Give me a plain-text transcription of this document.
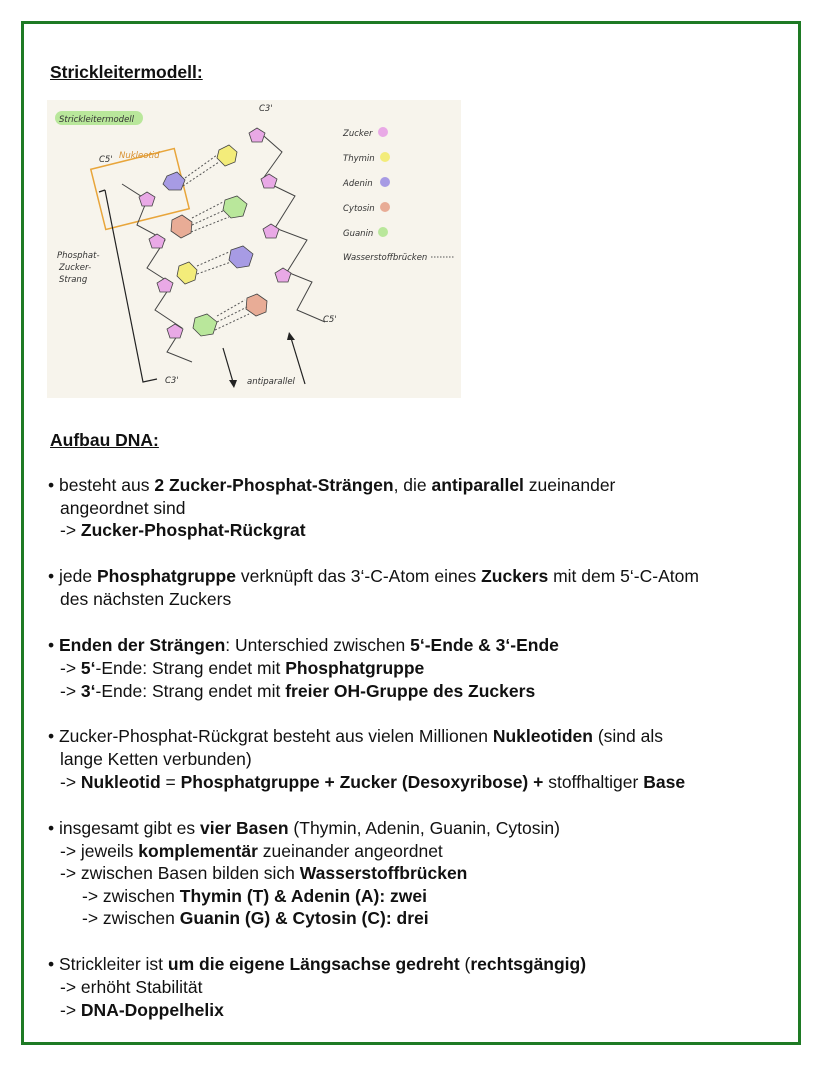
Strickleitermodell:
Strickleitermodell
C5'
C3'
C3'
C5'
Nukleotid
Phosphat-
Zucker-
Strang
antiparallel
Zucker
Thymin
Adenin
Cytosin
Guanin
Wasserstoffbrücken
Aufbau DNA:
• besteht aus 2 Zucker-Phosphat-Strängen, die antiparallel zueinander
angeordnet sind
-> Zucker-Phosphat-Rückgrat
• jede Phosphatgruppe verknüpft das 3‘-C-Atom eines Zuckers mit dem 5‘-C-Atom
des nächsten Zuckers
• Enden der Strängen: Unterschied zwischen 5‘-Ende & 3‘-Ende
-> 5‘-Ende: Strang endet mit Phosphatgruppe
-> 3‘-Ende: Strang endet mit freier OH-Gruppe des Zuckers
• Zucker-Phosphat-Rückgrat besteht aus vielen Millionen Nukleotiden (sind als
lange Ketten verbunden)
-> Nukleotid = Phosphatgruppe + Zucker (Desoxyribose) + stoffhaltiger Base
• insgesamt gibt es vier Basen (Thymin, Adenin, Guanin, Cytosin)
-> jeweils komplementär zueinander angeordnet
-> zwischen Basen bilden sich Wasserstoffbrücken
-> zwischen Thymin (T) & Adenin (A): zwei
-> zwischen Guanin (G) & Cytosin (C): drei
• Strickleiter ist um die eigene Längsachse gedreht (rechtsgängig)
-> erhöht Stabilität
-> DNA-Doppelhelix
